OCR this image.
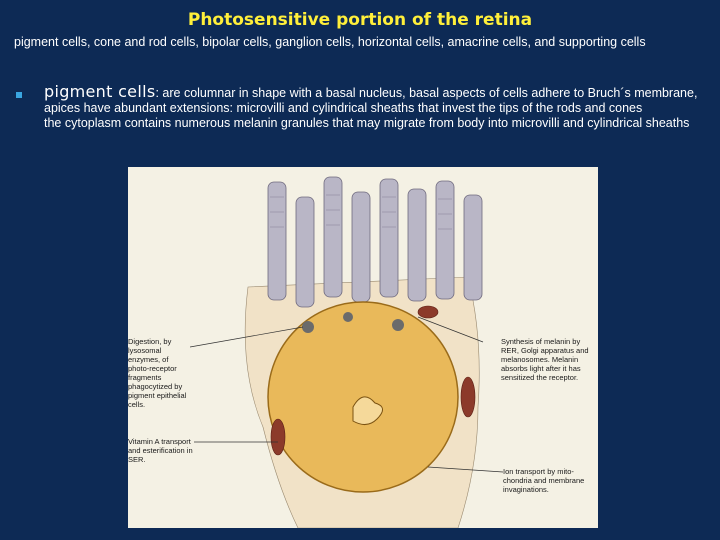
Photosensitive portion of the retina
pigment cells, cone and rod cells, bipolar cells, ganglion cells, horizontal cells, amacrine cells, and supporting cells
pigment cells: are columnar in shape with a basal nucleus, basal aspects of cells adhere to Bruch´s membrane, apices have abundant extensions: microvilli and cylindrical sheaths that invest the tips of the rods and cones
the cytoplasm contains numerous melanin granules that may migrate from body into microvilli and cylindrical sheaths
Digestion, by lysosomal enzymes, of photo-receptor fragments phagocytized by pigment epithelial cells.
Synthesis of melanin by RER, Golgi apparatus and melanosomes. Melanin absorbs light after it has sensitized the receptor.
Vitamin A transport and esterification in SER.
Ion transport by mito-chondria and membrane invaginations.
